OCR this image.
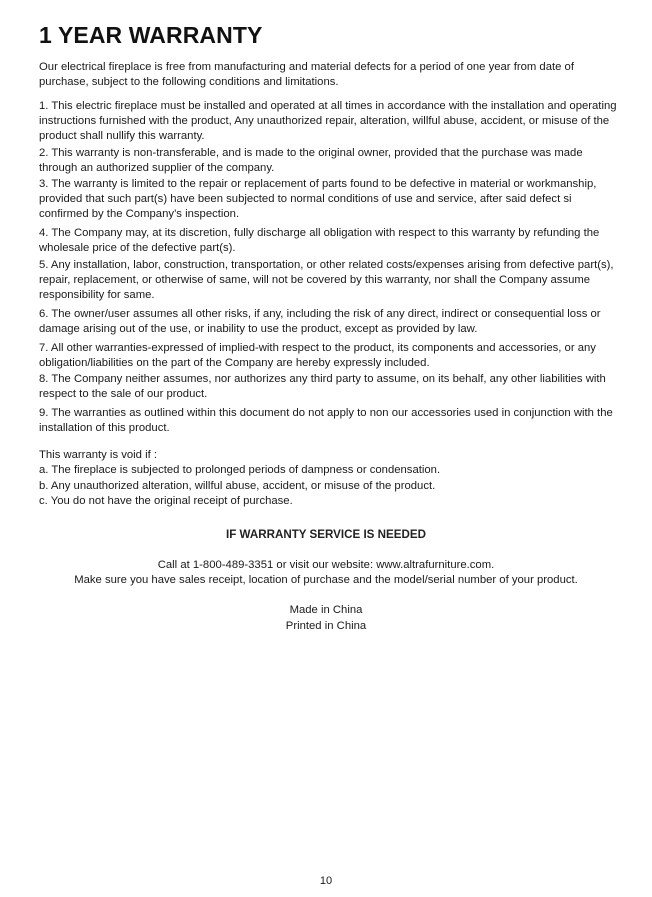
1 YEAR WARRANTY

Our electrical fireplace is free from manufacturing and material defects for a period of one year from date of purchase, subject to the following conditions and limitations.

1. This electric fireplace must be installed and operated at all times in accordance with the installation and operating instructions furnished with the product, Any unauthorized repair, alteration, willful abuse, accident, or misuse of the product shall nullify this warranty.
2. This warranty is non-transferable, and is made to the original owner, provided that the purchase was made through an authorized supplier of the company.
3. The warranty is limited to the repair or replacement of parts found to be defective in material or workmanship, provided that such part(s) have been subjected to normal conditions of use and service, after said defect si confirmed by the Company’s inspection.
4. The Company may, at its discretion, fully discharge all obligation with respect to this warranty by refunding the wholesale price of the defective part(s).
5. Any installation, labor, construction, transportation, or other related costs/expenses arising from defective part(s), repair, replacement, or otherwise of same, will not be covered by this warranty, nor shall the Company assume responsibility for same.
6. The owner/user assumes all other risks, if any, including the risk of any direct, indirect or consequential loss or damage arising out of the use, or inability to use the product, except as provided by law.
7. All other warranties-expressed of implied-with respect to the product, its components and accessories, or any obligation/liabilities on the part of the Company are hereby expressly included.
8. The Company neither assumes, nor authorizes any third party to assume, on its behalf, any other liabilities with respect to the sale of our product.
9. The warranties as outlined within this document do not apply to non our accessories used in conjunction with the installation of this product.

This warranty is void if :

a. The fireplace is subjected to prolonged periods of dampness or condensation.

b. Any unauthorized alteration, willful abuse, accident, or misuse of the product.

c. You do not have the original receipt of purchase.

IF WARRANTY SERVICE IS NEEDED

Call at 1-800-489-3351 or visit our website: www.altrafurniture.com.

Make sure you have sales receipt, location of purchase and the model/serial number of your product.

Made in China

Printed in China

10
